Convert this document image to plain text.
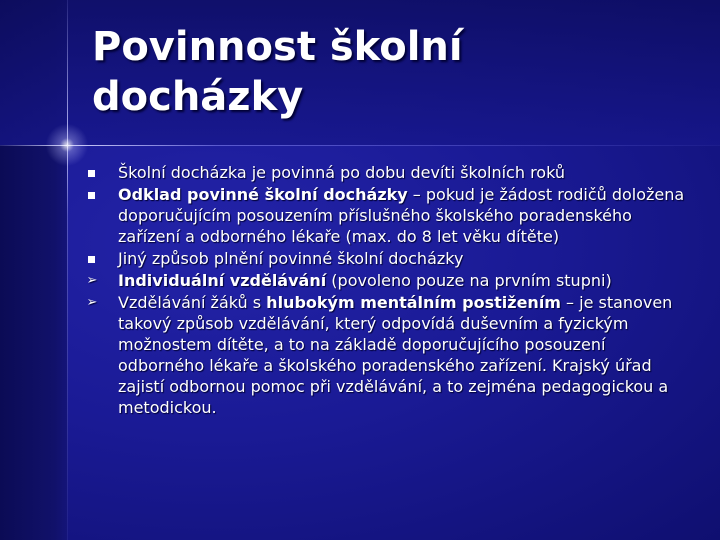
Povinnost školní docházky
Školní docházka je povinná po dobu devíti školních roků
Odklad povinné školní docházky – pokud je žádost rodičů doložena doporučujícím posouzením příslušného školského poradenského zařízení a odborného lékaře (max. do 8 let věku dítěte)
Jiný způsob plnění povinné školní docházky
➢ Individuální vzdělávání (povoleno pouze na prvním stupni)
➢ Vzdělávání žáků s hlubokým mentálním postižením – je stanoven takový způsob vzdělávání, který odpovídá duševním a fyzickým možnostem dítěte, a to na základě doporučujícího posouzení odborného lékaře a školského poradenského zařízení. Krajský úřad zajistí odbornou pomoc při vzdělávání, a to zejména pedagogickou a metodickou.
